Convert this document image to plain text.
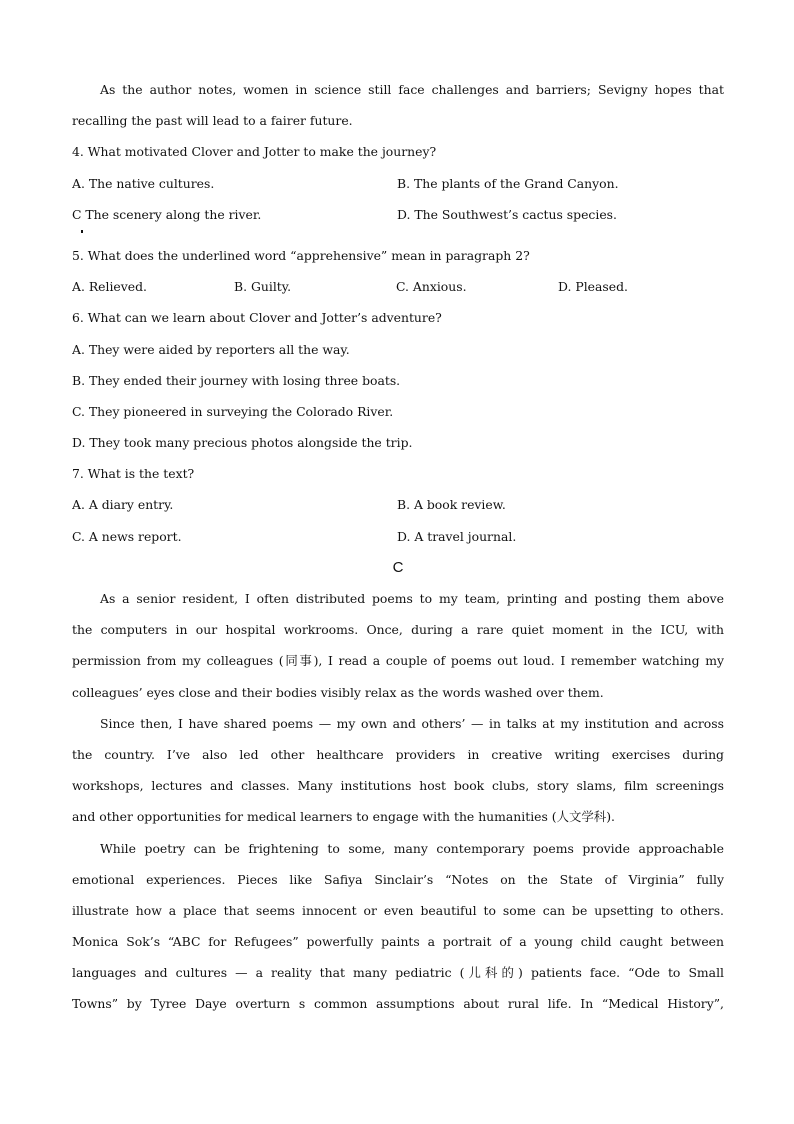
As the author notes, women in science still face challenges and barriers; Sevigny hopes that
recalling the past will lead to a fairer future.
4. What motivated Clover and Jotter to make the journey?
A. The native cultures.	B. The plants of the Grand Canyon.
C The scenery along the river.	D. The Southwest’s cactus species.
5. What does the underlined word “apprehensive” mean in paragraph 2?
A. Relieved.	B. Guilty.	C. Anxious.	D. Pleased.
6. What can we learn about Clover and Jotter’s adventure?
A. They were aided by reporters all the way.
B. They ended their journey with losing three boats.
C. They pioneered in surveying the Colorado River.
D. They took many precious photos alongside the trip.
7. What is the text?
A. A diary entry.	B. A book review.
C. A news report.	D. A travel journal.
C
As a senior resident, I often distributed poems to my team, printing and posting them above
the computers in our hospital workrooms. Once, during a rare quiet moment in the ICU, with
permission from my colleagues (同事), I read a couple of poems out loud. I remember watching my
colleagues’ eyes close and their bodies visibly relax as the words washed over them.
Since then, I have shared poems — my own and others’ — in talks at my institution and across
the country. I’ve also led other healthcare providers in creative writing exercises during
workshops, lectures and classes. Many institutions host book clubs, story slams, film screenings
and other opportunities for medical learners to engage with the humanities (人文学科).
While poetry can be frightening to some, many contemporary poems provide approachable
emotional experiences. Pieces like Safiya Sinclair’s “Notes on the State of Virginia” fully
illustrate how a place that seems innocent or even beautiful to some can be upsetting to others.
Monica Sok’s “ABC for Refugees” powerfully paints a portrait of a young child caught between
languages and cultures — a reality that many pediatric (儿科的) patients face. “Ode to Small
Towns” by Tyree Daye overturn s common assumptions about rural life. In “Medical History”,
